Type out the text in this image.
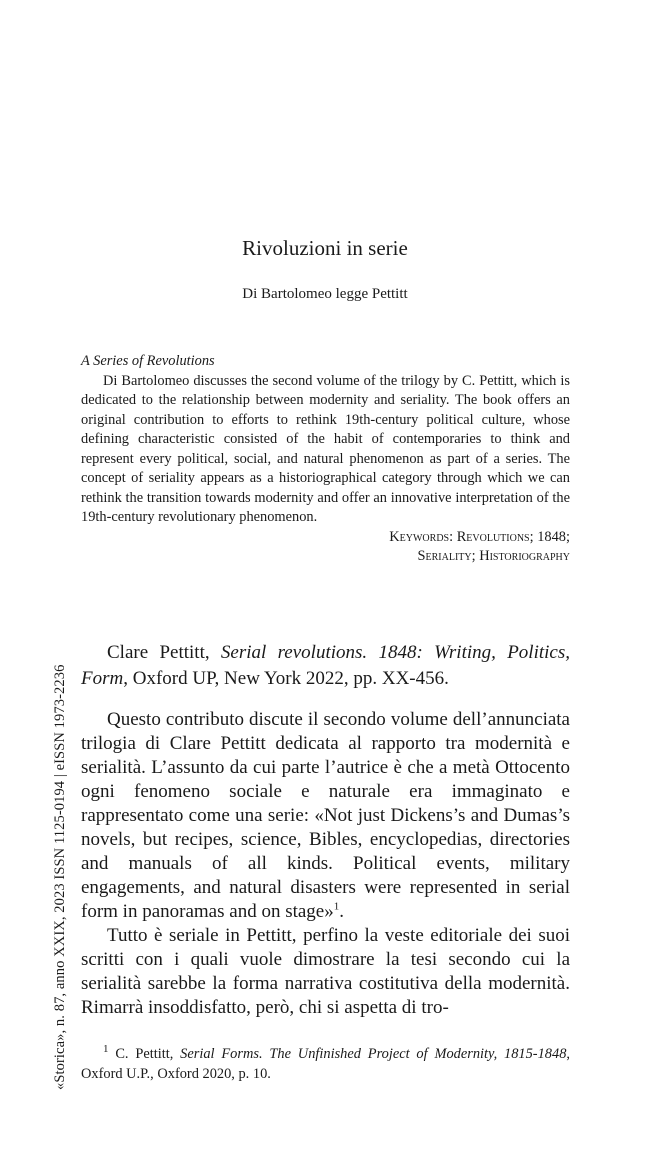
Rivoluzioni in serie
Di Bartolomeo legge Pettitt

A Series of Revolutions

Di Bartolomeo discusses the second volume of the trilogy by C. Pettitt, which is dedicated to the relationship between modernity and seriality. The book offers an original contribution to efforts to rethink 19th-century political culture, whose defining characteristic consisted of the habit of contemporaries to think and represent every political, social, and natural phenomenon as part of a series. The concept of seriality appears as a historiographical category through which we can rethink the transition towards modernity and offer an innovative interpretation of the 19th-century revolutionary phenomenon.

Keywords: Revolutions; 1848;

Seriality; Historiography

«Storica», n. 87, anno XXIX, 2023 ISSN 1125-0194 | eISSN 1973-2236

Clare Pettitt, Serial revolutions. 1848: Writing, Politics, Form, Oxford UP, New York 2022, pp. XX-456.

Questo contributo discute il secondo volume dell’annunciata trilogia di Clare Pettitt dedicata al rapporto tra modernità e serialità. L’assunto da cui parte l’autrice è che a metà Ottocento ogni fenomeno sociale e naturale era immaginato e rappresentato come una serie: «Not just Dickens’s and Dumas’s novels, but recipes, science, Bibles, encyclopedias, directories and manuals of all kinds. Political events, military engagements, and natural disasters were represented in serial form in panoramas and on stage»$^1$.

Tutto è seriale in Pettitt, perfino la veste editoriale dei suoi scritti con i quali vuole dimostrare la tesi secondo cui la serialità sarebbe la forma narrativa costitutiva della modernità. Rimarrà insoddisfatto, però, chi si aspetta di tro-

$^1$ C. Pettitt, Serial Forms. The Unfinished Project of Modernity, 1815-1848, Oxford U.P., Oxford 2020, p. 10.
